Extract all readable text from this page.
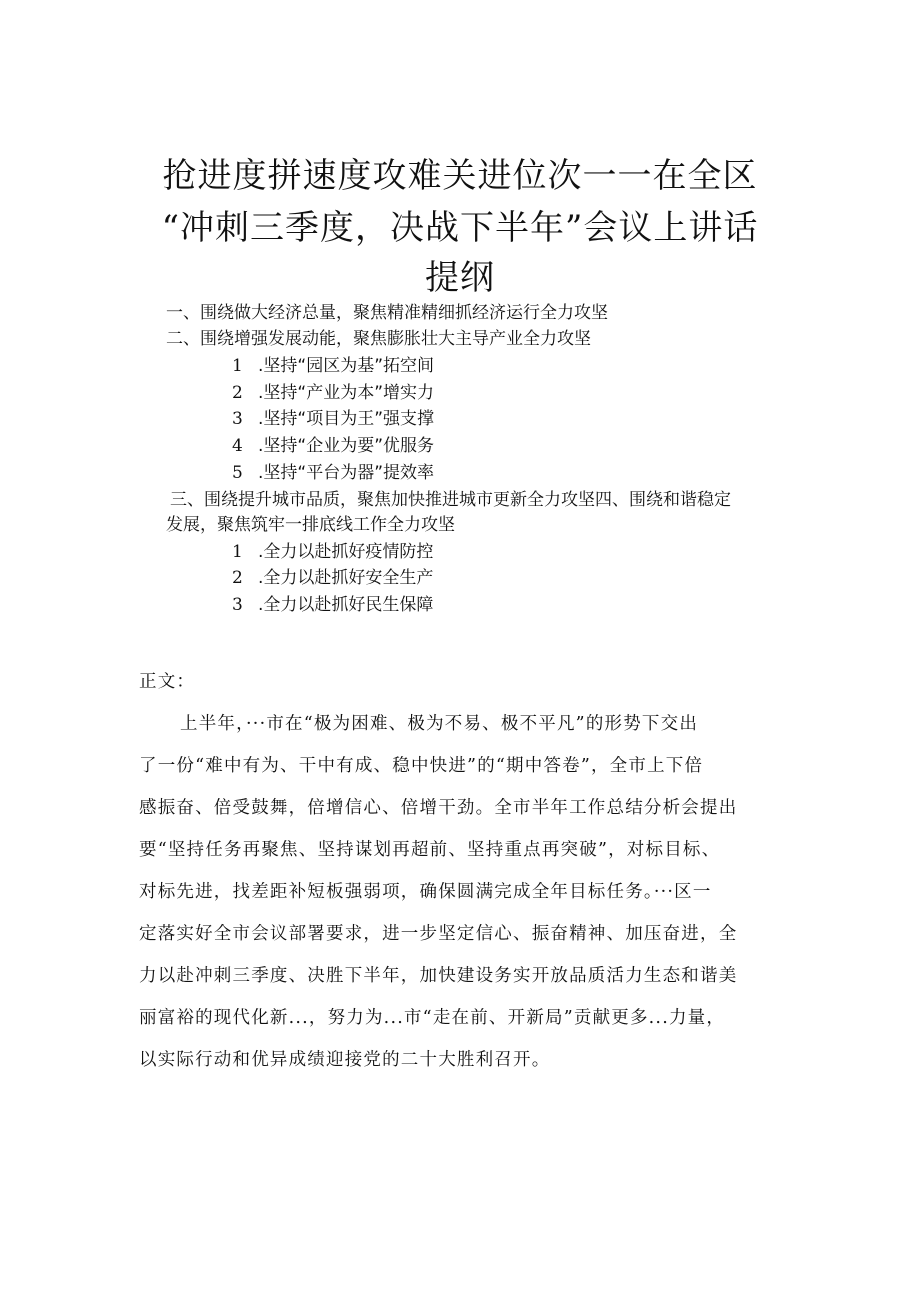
抢进度拼速度攻难关进位次一一在全区
“冲刺三季度，决战下半年”会议上讲话
提纲
一、围绕做大经济总量，聚焦精准精细抓经济运行全力攻坚
二、围绕增强发展动能，聚焦膨胀壮大主导产业全力攻坚
1 .坚持“园区为基”拓空间
2 .坚持“产业为本”增实力
3 .坚持“项目为王”强支撑
4 .坚持“企业为要”优服务
5 .坚持“平台为器”提效率
三、围绕提升城市品质，聚焦加快推进城市更新全力攻坚四、围绕和谐稳定
发展，聚焦筑牢一排底线工作全力攻坚
1 .全力以赴抓好疫情防控
2 .全力以赴抓好安全生产
3 .全力以赴抓好民生保障
正文：
上半年，···市在“极为困难、极为不易、极不平凡”的形势下交出
了一份“难中有为、干中有成、稳中快进”的“期中答卷”，全市上下倍
感振奋、倍受鼓舞，倍增信心、倍增干劲。全市半年工作总结分析会提出
要“坚持任务再聚焦、坚持谋划再超前、坚持重点再突破”，对标目标、
对标先进，找差距补短板强弱项，确保圆满完成全年目标任务。···区一
定落实好全市会议部署要求，进一步坚定信心、振奋精神、加压奋进，全
力以赴冲刺三季度、决胜下半年，加快建设务实开放品质活力生态和谐美
丽富裕的现代化新...，努力为...市“走在前、开新局”贡献更多...力量，
以实际行动和优异成绩迎接党的二十大胜利召开。
